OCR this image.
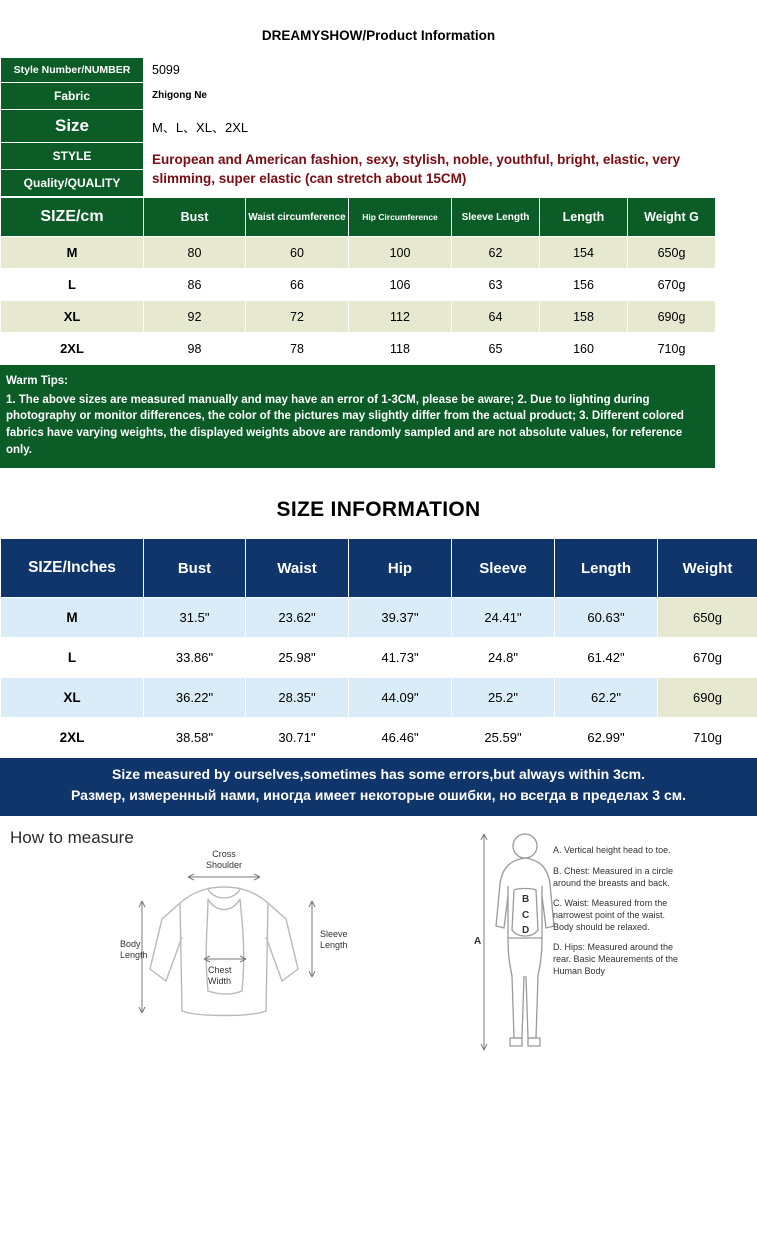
DREAMYSHOW/Product Information
Style Number/NUMBER	5099
Fabric	Zhigong Ne
Size	M、L、XL、2XL
STYLE	European and American fashion, sexy, stylish, noble, youthful, bright, elastic, very slimming, super elastic (can stretch about 15CM)
Quality/QUALITY	
SIZE/cm	Bust	Waist circumference	Hip Circumference	Sleeve Length	Length	Weight G
M	80	60	100	62	154	650g
L	86	66	106	63	156	670g
XL	92	72	112	64	158	690g
2XL	98	78	118	65	160	710g
Warm Tips:
1. The above sizes are measured manually and may have an error of 1-3CM, please be aware; 2. Due to lighting during photography or monitor differences, the color of the pictures may slightly differ from the actual product; 3. Different colored fabrics have varying weights, the displayed weights above are randomly sampled and are not absolute values, for reference only.
SIZE INFORMATION
SIZE/Inches	Bust	Waist	Hip	Sleeve	Length	Weight
M	31.5"	23.62"	39.37"	24.41"	60.63"	650g
L	33.86"	25.98"	41.73"	24.8"	61.42"	670g
XL	36.22"	28.35"	44.09"	25.2"	62.2"	690g
2XL	38.58"	30.71"	46.46"	25.59"	62.99"	710g
Size measured by ourselves,sometimes has some errors,but always within 3cm.
Размер, измеренный нами, иногда имеет некоторые ошибки, но всегда в пределах 3 см.
How to measure
Cross
Shoulder
Body
Length
Chest
Width
Sleeve
Length	A
B
C
D

A. Vertical height head to toe.

B. Chest: Measured in a circle around the breasts and back.

C. Waist: Measured from the narrowest point of the waist. Body should be relaxed.

D. Hips: Measured around the rear. Basic Meaurements of the Human Body
